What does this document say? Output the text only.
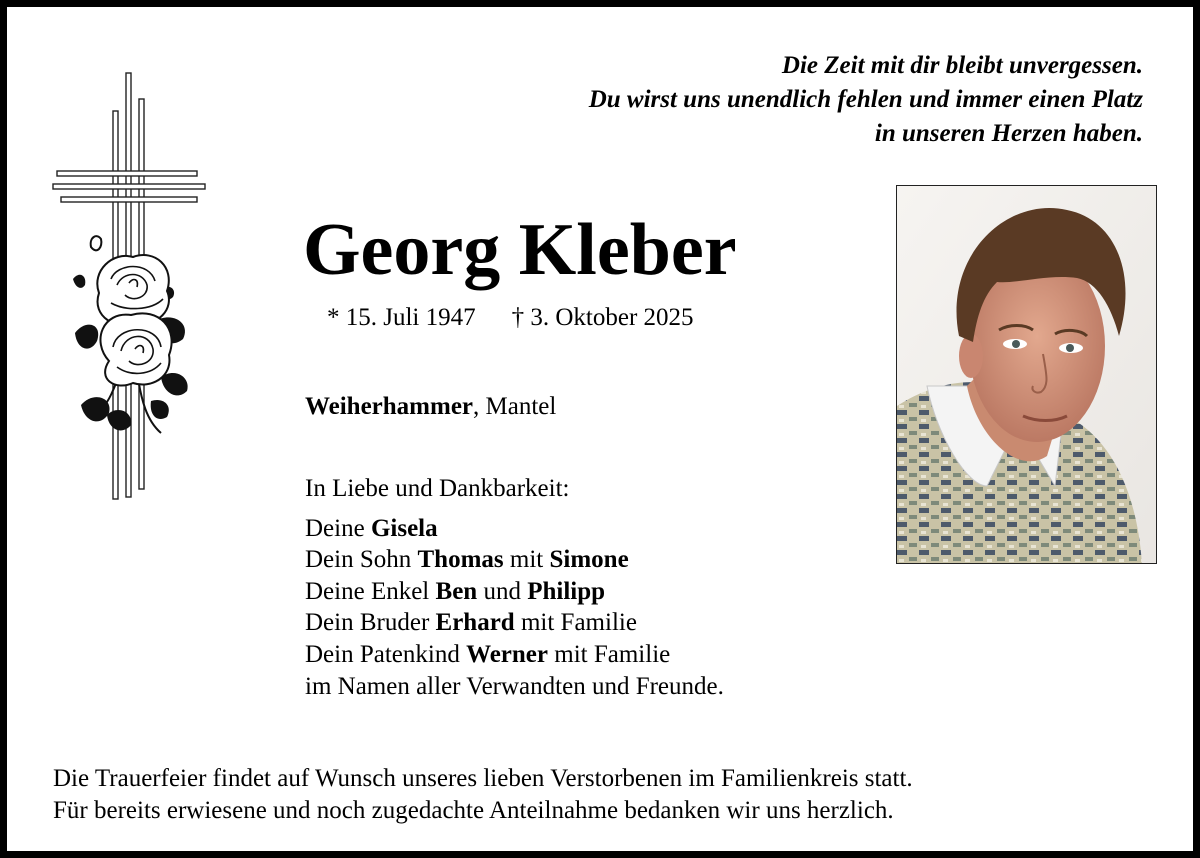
Die Zeit mit dir bleibt unvergessen.
Du wirst uns unendlich fehlen und immer einen Platz
in unseren Herzen haben.
Georg Kleber
* 15. Juli 1947 † 3. Oktober 2025
Weiherhammer, Mantel
In Liebe und Dankbarkeit:
Deine Gisela
Dein Sohn Thomas mit Simone
Deine Enkel Ben und Philipp
Dein Bruder Erhard mit Familie
Dein Patenkind Werner mit Familie
im Namen aller Verwandten und Freunde.
Die Trauerfeier findet auf Wunsch unseres lieben Verstorbenen im Familienkreis statt.
Für bereits erwiesene und noch zugedachte Anteilnahme bedanken wir uns herzlich.
